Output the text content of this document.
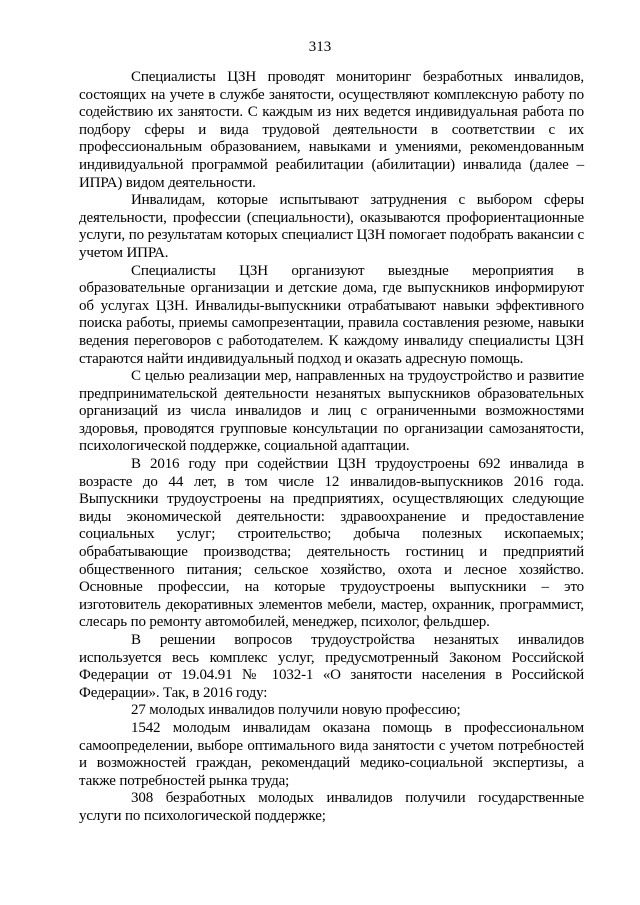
313

Специалисты ЦЗН проводят мониторинг безработных инвалидов, состоящих на учете в службе занятости, осуществляют комплексную работу по содействию их занятости. С каждым из них ведется индивидуальная работа по подбору сферы и вида трудовой деятельности в соответствии с их профессиональным образованием, навыками и умениями, рекомендованным индивидуальной программой реабилитации (абилитации) инвалида (далее – ИПРА) видом деятельности.

Инвалидам, которые испытывают затруднения с выбором сферы деятельности, профессии (специальности), оказываются профориентационные услуги, по результатам которых специалист ЦЗН помогает подобрать вакансии с учетом ИПРА.

Специалисты ЦЗН организуют выездные мероприятия в образовательные организации и детские дома, где выпускников информируют об услугах ЦЗН. Инвалиды-выпускники отрабатывают навыки эффективного поиска работы, приемы самопрезентации, правила составления резюме, навыки ведения переговоров с работодателем. К каждому инвалиду специалисты ЦЗН стараются найти индивидуальный подход и оказать адресную помощь.

С целью реализации мер, направленных на трудоустройство и развитие предпринимательской деятельности незанятых выпускников образовательных организаций из числа инвалидов и лиц с ограниченными возможностями здоровья, проводятся групповые консультации по организации самозанятости, психологической поддержке, социальной адаптации.

В 2016 году при содействии ЦЗН трудоустроены 692 инвалида в возрасте до 44 лет, в том числе 12 инвалидов-выпускников 2016 года. Выпускники трудоустроены на предприятиях, осуществляющих следующие виды экономической деятельности: здравоохранение и предоставление социальных услуг; строительство; добыча полезных ископаемых; обрабатывающие производства; деятельность гостиниц и предприятий общественного питания; сельское хозяйство, охота и лесное хозяйство. Основные профессии, на которые трудоустроены выпускники – это изготовитель декоративных элементов мебели, мастер, охранник, программист, слесарь по ремонту автомобилей, менеджер, психолог, фельдшер.

В решении вопросов трудоустройства незанятых инвалидов используется весь комплекс услуг, предусмотренный Законом Российской Федерации от 19.04.91 № 1032-1 «О занятости населения в Российской Федерации». Так, в 2016 году:

27 молодых инвалидов получили новую профессию;

1542 молодым инвалидам оказана помощь в профессиональном самоопределении, выборе оптимального вида занятости с учетом потребностей и возможностей граждан, рекомендаций медико-социальной экспертизы, а также потребностей рынка труда;

308 безработных молодых инвалидов получили государственные услуги по психологической поддержке;
